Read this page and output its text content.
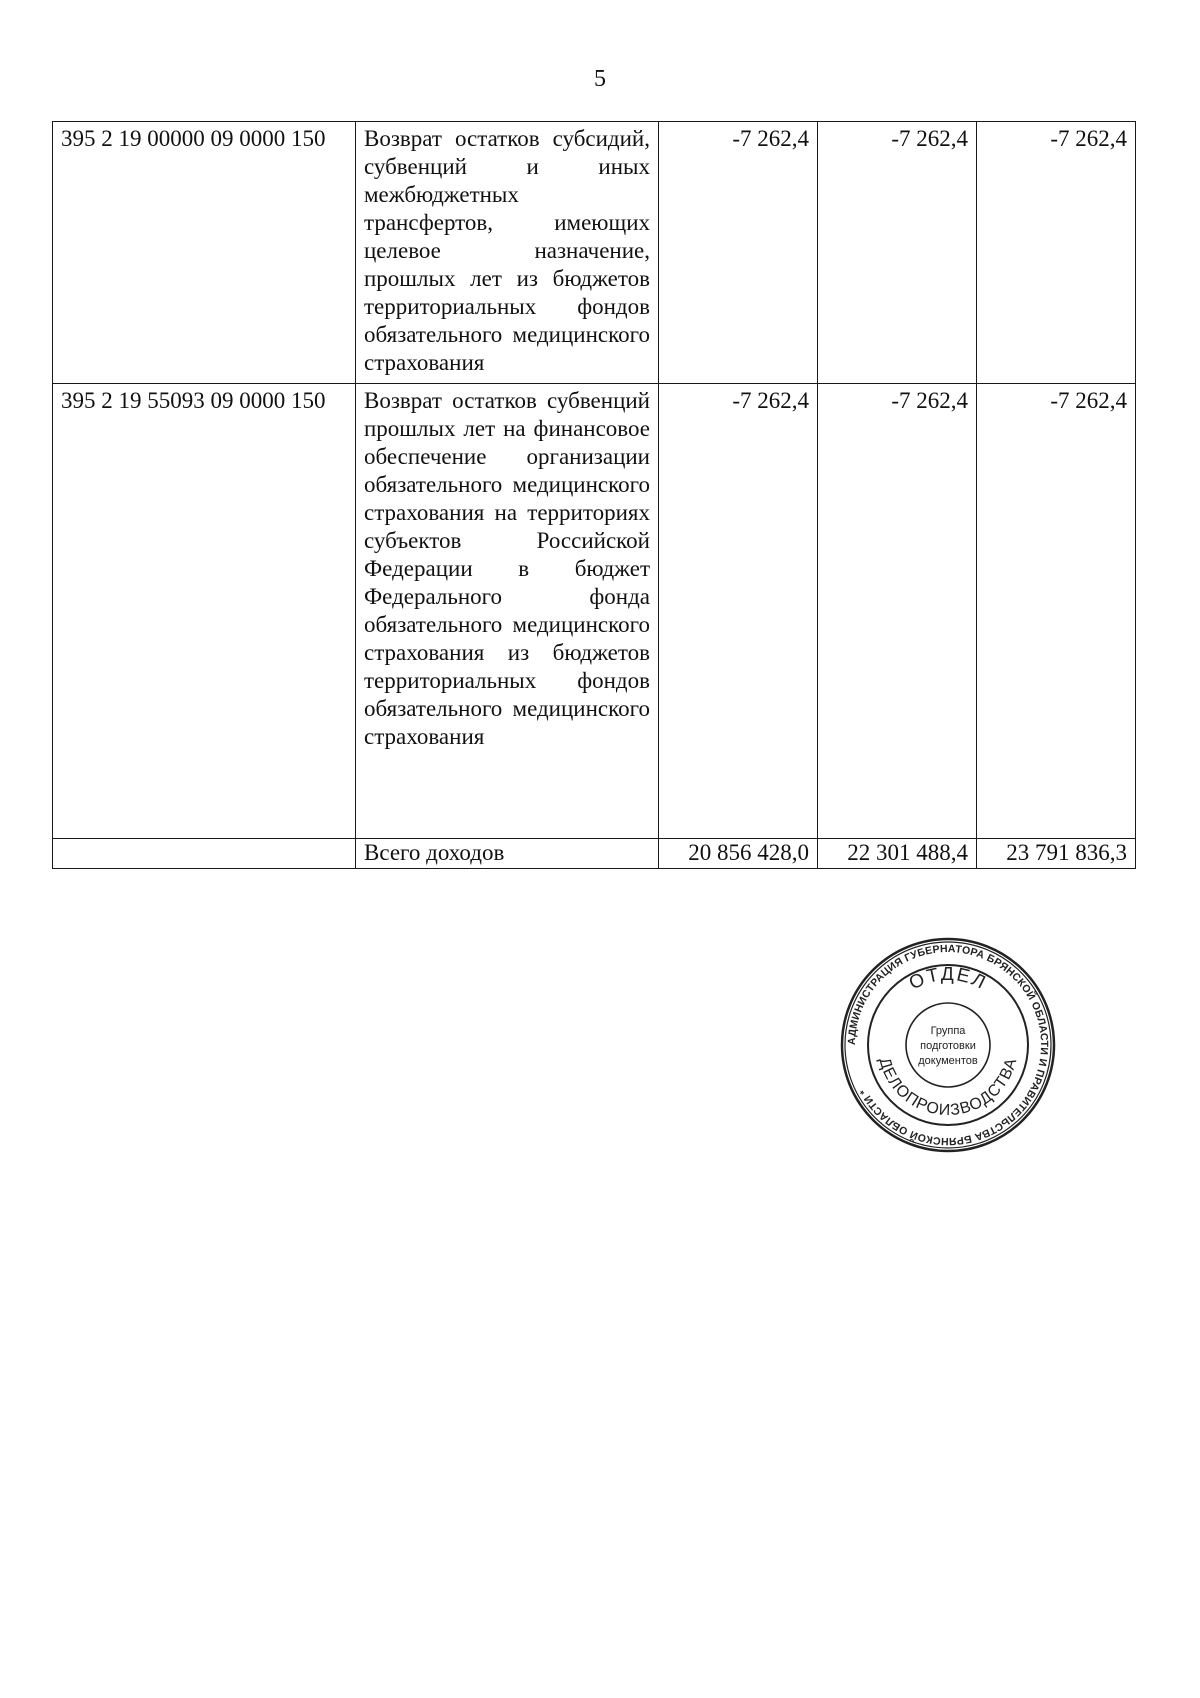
5
395 2 19 00000 09 0000 150	Возврат остатков субсидий, субвенций и иных межбюджетных трансфертов, имеющих целевое назначение, прошлых лет из бюджетов территориальных фондов обязательного медицинского страхования	-7 262,4	-7 262,4	-7 262,4
395 2 19 55093 09 0000 150	Возврат остатков субвенций прошлых лет на финансовое обеспечение организации обязательного медицинского страхования на территориях субъектов Российской Федерации в бюджет Федерального фонда обязательного медицинского страхования из бюджетов территориальных фондов обязательного медицинского страхования	-7 262,4	-7 262,4	-7 262,4
	Всего доходов	20 856 428,0	22 301 488,4	23 791 836,3
АДМИНИСТРАЦИЯ ГУБЕРНАТОРА БРЯНСКОЙ ОБЛАСТИ И ПРАВИТЕЛЬСТВА БРЯНСКОЙ ОБЛАСТИ *
ОТДЕЛ
ДЕЛОПРОИЗВОДСТВА
Группа
подготовки
документов
